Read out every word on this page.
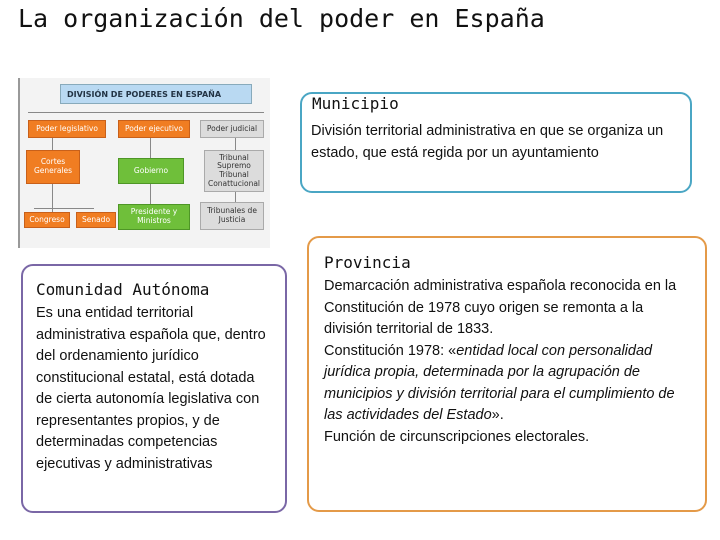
La organización del poder en España
DIVISIÓN DE PODERES EN ESPAÑA
Poder legislativo	Poder ejecutivo	Poder judicial
Cortes Generales	Gobierno
Tribunal Supremo Tribunal Conattucional
Congreso	Senado
Presidente y Ministros
Tribunales de Justicia
Municipio
División territorial administrativa en que se organiza un estado, que está regida por un ayuntamiento
Comunidad Autónoma
Es una entidad territorial administrativa española que, dentro del ordenamiento jurídico constitucional estatal, está dotada de cierta autonomía legislativa con representantes propios, y de determinadas competencias ejecutivas y administrativas
Provincia
Demarcación administrativa española reconocida en la Constitución de 1978 cuyo origen se remonta a la división territorial de 1833.
Constitución 1978: «entidad local con personalidad jurídica propia, determinada por la agrupación de municipios y división territorial para el cumplimiento de las actividades del Estado».
Función de circunscripciones electorales.
